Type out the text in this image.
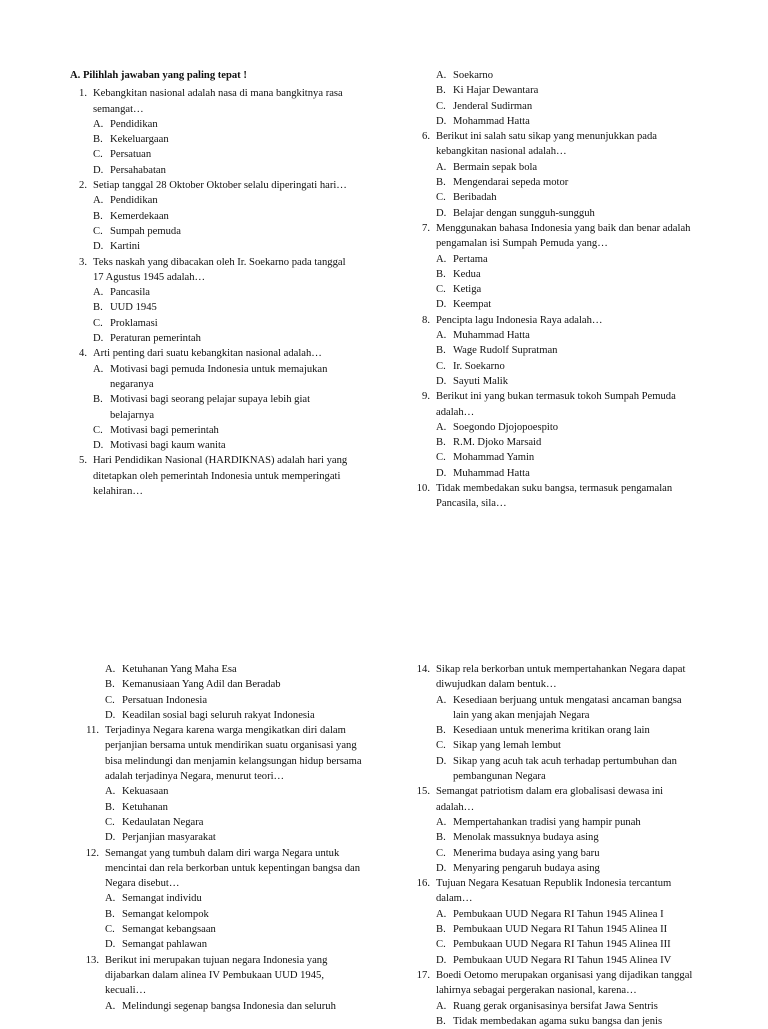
A. Pilihlah jawaban yang paling tepat !
1. Kebangkitan nasional adalah nasa di mana bangkitnya rasa semangat…
A. Pendidikan
B. Kekeluargaan
C. Persatuan
D. Persahabatan
2. Setiap tanggal 28 Oktober Oktober selalu diperingati hari…
A. Pendidikan
B. Kemerdekaan
C. Sumpah pemuda
D. Kartini
3. Teks naskah yang dibacakan oleh Ir. Soekarno pada tanggal 17 Agustus 1945 adalah…
A. Pancasila
B. UUD 1945
C. Proklamasi
D. Peraturan pemerintah
4. Arti penting dari suatu kebangkitan nasional adalah…
A. Motivasi bagi pemuda Indonesia untuk memajukan negaranya
B. Motivasi bagi seorang pelajar supaya lebih giat belajarnya
C. Motivasi bagi pemerintah
D. Motivasi bagi kaum wanita
5. Hari Pendidikan Nasional (HARDIKNAS) adalah hari yang ditetapkan oleh pemerintah Indonesia untuk memperingati kelahiran…
A. Soekarno
B. Ki Hajar Dewantara
C. Jenderal Sudirman
D. Mohammad Hatta
6. Berikut ini salah satu sikap yang menunjukkan pada kebangkitan nasional adalah…
A. Bermain sepak bola
B. Mengendarai sepeda motor
C. Beribadah
D. Belajar dengan sungguh-sungguh
7. Menggunakan bahasa Indonesia yang baik dan benar adalah pengamalan isi Sumpah Pemuda yang…
A. Pertama
B. Kedua
C. Ketiga
D. Keempat
8. Pencipta lagu Indonesia Raya adalah…
A. Muhammad Hatta
B. Wage Rudolf Supratman
C. Ir. Soekarno
D. Sayuti Malik
9. Berikut ini yang bukan termasuk tokoh Sumpah Pemuda adalah…
A. Soegondo Djojopoespito
B. R.M. Djoko Marsaid
C. Mohammad Yamin
D. Muhammad Hatta
10. Tidak membedakan suku bangsa, termasuk pengamalan Pancasila, sila…
A. Ketuhanan Yang Maha Esa
B. Kemanusiaan Yang Adil dan Beradab
C. Persatuan Indonesia
D. Keadilan sosial bagi seluruh rakyat Indonesia
11. Terjadinya Negara karena warga mengikatkan diri dalam perjanjian bersama untuk mendirikan suatu organisasi yang bisa melindungi dan menjamin kelangsungan hidup bersama adalah terjadinya Negara, menurut teori…
A. Kekuasaan
B. Ketuhanan
C. Kedaulatan Negara
D. Perjanjian masyarakat
12. Semangat yang tumbuh dalam diri warga Negara untuk mencintai dan rela berkorban untuk kepentingan bangsa dan Negara disebut…
A. Semangat individu
B. Semangat kelompok
C. Semangat kebangsaan
D. Semangat pahlawan
13. Berikut ini merupakan tujuan negara Indonesia yang dijabarkan dalam alinea IV Pembukaan UUD 1945, kecuali…
A. Melindungi segenap bangsa Indonesia dan seluruh
14. Sikap rela berkorban untuk mempertahankan Negara dapat diwujudkan dalam bentuk…
A. Kesediaan berjuang untuk mengatasi ancaman bangsa lain yang akan menjajah Negara
B. Kesediaan untuk menerima kritikan orang lain
C. Sikap yang lemah lembut
D. Sikap yang acuh tak acuh terhadap pertumbuhan dan pembangunan Negara
15. Semangat patriotism dalam era globalisasi dewasa ini adalah…
A. Mempertahankan tradisi yang hampir punah
B. Menolak massuknya budaya asing
C. Menerima budaya asing yang baru
D. Menyaring pengaruh budaya asing
16. Tujuan Negara Kesatuan Republik Indonesia tercantum dalam…
A. Pembukaan UUD Negara RI Tahun 1945 Alinea I
B. Pembukaan UUD Negara RI Tahun 1945 Alinea II
C. Pembukaan UUD Negara RI Tahun 1945 Alinea III
D. Pembukaan UUD Negara RI Tahun 1945 Alinea IV
17. Boedi Oetomo merupakan organisasi yang dijadikan tanggal lahirnya sebagai pergerakan nasional, karena…
A. Ruang gerak organisasinya bersifat Jawa Sentris
B. Tidak membedakan agama suku bangsa dan jenis
